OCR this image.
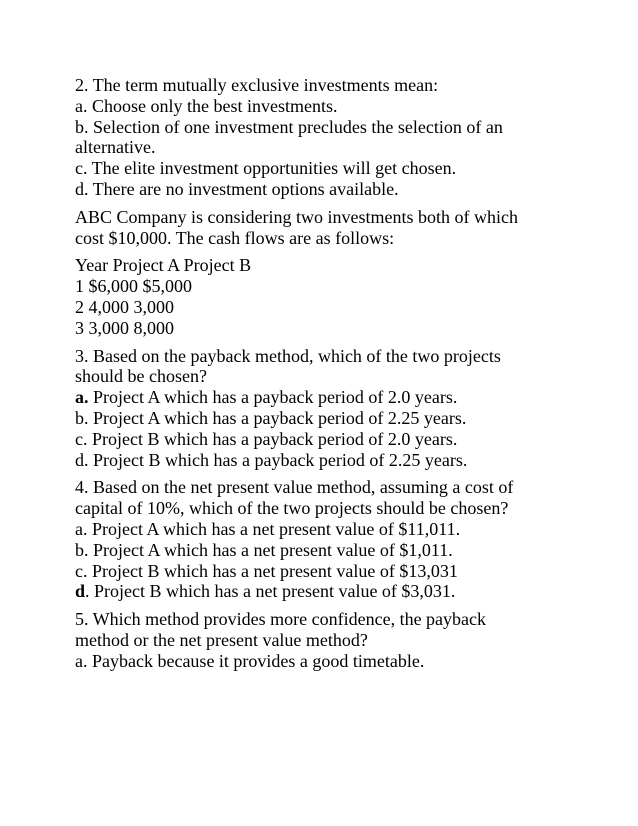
2. The term mutually exclusive investments mean:
a. Choose only the best investments.
b. Selection of one investment precludes the selection of an
alternative.
c. The elite investment opportunities will get chosen.
d. There are no investment options available.
ABC Company is considering two investments both of which
cost $10,000. The cash flows are as follows:
Year Project A Project B
1 $6,000 $5,000
2 4,000 3,000
3 3,000 8,000
3. Based on the payback method, which of the two projects
should be chosen?
a. Project A which has a payback period of 2.0 years.
b. Project A which has a payback period of 2.25 years.
c. Project B which has a payback period of 2.0 years.
d. Project B which has a payback period of 2.25 years.
4. Based on the net present value method, assuming a cost of
capital of 10%, which of the two projects should be chosen?
a. Project A which has a net present value of $11,011.
b. Project A which has a net present value of $1,011.
c. Project B which has a net present value of $13,031
d. Project B which has a net present value of $3,031.
5. Which method provides more confidence, the payback
method or the net present value method?
a. Payback because it provides a good timetable.
